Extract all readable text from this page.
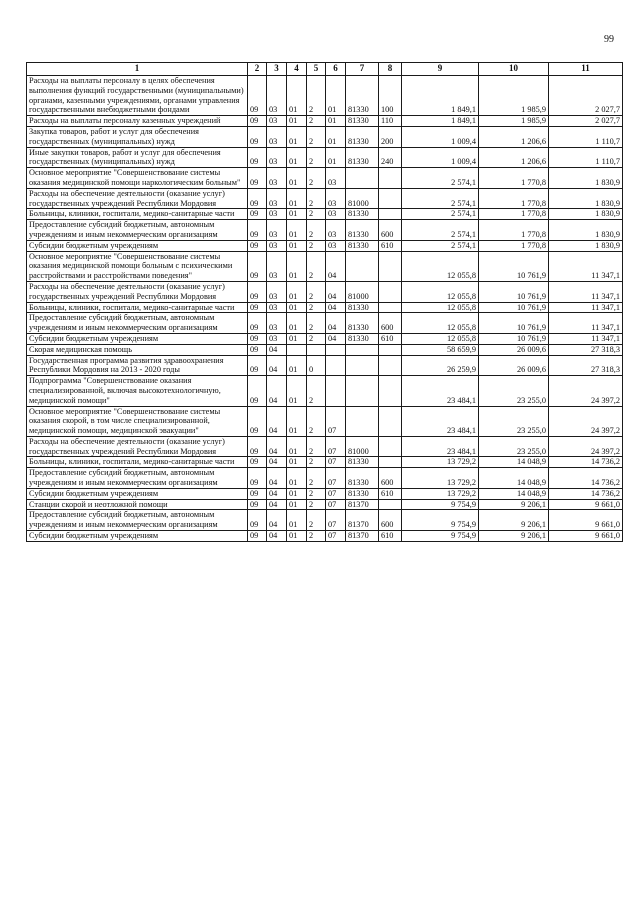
99
1	2	3	4	5	6	7	8	9	10	11
Расходы на выплаты персоналу в целях обеспечения выполнения функций государственными (муниципальными) органами, казенными учреждениями, органами управления государственными внебюджетными фондами	09	03	01	2	01	81330	100	1 849,1	1 985,9	2 027,7
Расходы на выплаты персоналу казенных учреждений	09	03	01	2	01	81330	110	1 849,1	1 985,9	2 027,7
Закупка товаров, работ и услуг для обеспечения государственных (муниципальных) нужд	09	03	01	2	01	81330	200	1 009,4	1 206,6	1 110,7
Иные закупки товаров, работ и услуг для обеспечения государственных (муниципальных) нужд	09	03	01	2	01	81330	240	1 009,4	1 206,6	1 110,7
Основное мероприятие "Совершенствование системы оказания медицинской помощи наркологическим больным"	09	03	01	2	03			2 574,1	1 770,8	1 830,9
Расходы на обеспечение деятельности (оказание услуг) государственных учреждений Республики Мордовия	09	03	01	2	03	81000		2 574,1	1 770,8	1 830,9
Больницы, клиники, госпитали, медико-санитарные части	09	03	01	2	03	81330		2 574,1	1 770,8	1 830,9
Предоставление субсидий бюджетным, автономным учреждениям и иным некоммерческим организациям	09	03	01	2	03	81330	600	2 574,1	1 770,8	1 830,9
Субсидии бюджетным учреждениям	09	03	01	2	03	81330	610	2 574,1	1 770,8	1 830,9
Основное мероприятие "Совершенствование системы оказания медицинской помощи больным с психическими расстройствами и расстройствами поведения"	09	03	01	2	04			12 055,8	10 761,9	11 347,1
Расходы на обеспечение деятельности (оказание услуг) государственных учреждений Республики Мордовия	09	03	01	2	04	81000		12 055,8	10 761,9	11 347,1
Больницы, клиники, госпитали, медико-санитарные части	09	03	01	2	04	81330		12 055,8	10 761,9	11 347,1
Предоставление субсидий бюджетным, автономным учреждениям и иным некоммерческим организациям	09	03	01	2	04	81330	600	12 055,8	10 761,9	11 347,1
Субсидии бюджетным учреждениям	09	03	01	2	04	81330	610	12 055,8	10 761,9	11 347,1
Скорая медицинская помощь	09	04						58 659,9	26 009,6	27 318,3
Государственная программа развития здравоохранения Республики Мордовия на 2013 - 2020 годы	09	04	01	0				26 259,9	26 009,6	27 318,3
Подпрограмма "Совершенствование оказания специализированной, включая высокотехнологичную, медицинской помощи"	09	04	01	2				23 484,1	23 255,0	24 397,2
Основное мероприятие "Совершенствование системы оказания скорой, в том числе специализированной, медицинской помощи, медицинской эвакуации"	09	04	01	2	07			23 484,1	23 255,0	24 397,2
Расходы на обеспечение деятельности (оказание услуг) государственных учреждений Республики Мордовия	09	04	01	2	07	81000		23 484,1	23 255,0	24 397,2
Больницы, клиники, госпитали, медико-санитарные части	09	04	01	2	07	81330		13 729,2	14 048,9	14 736,2
Предоставление субсидий бюджетным, автономным учреждениям и иным некоммерческим организациям	09	04	01	2	07	81330	600	13 729,2	14 048,9	14 736,2
Субсидии бюджетным учреждениям	09	04	01	2	07	81330	610	13 729,2	14 048,9	14 736,2
Станции скорой и неотложной помощи	09	04	01	2	07	81370		9 754,9	9 206,1	9 661,0
Предоставление субсидий бюджетным, автономным учреждениям и иным некоммерческим организациям	09	04	01	2	07	81370	600	9 754,9	9 206,1	9 661,0
Субсидии бюджетным учреждениям	09	04	01	2	07	81370	610	9 754,9	9 206,1	9 661,0
